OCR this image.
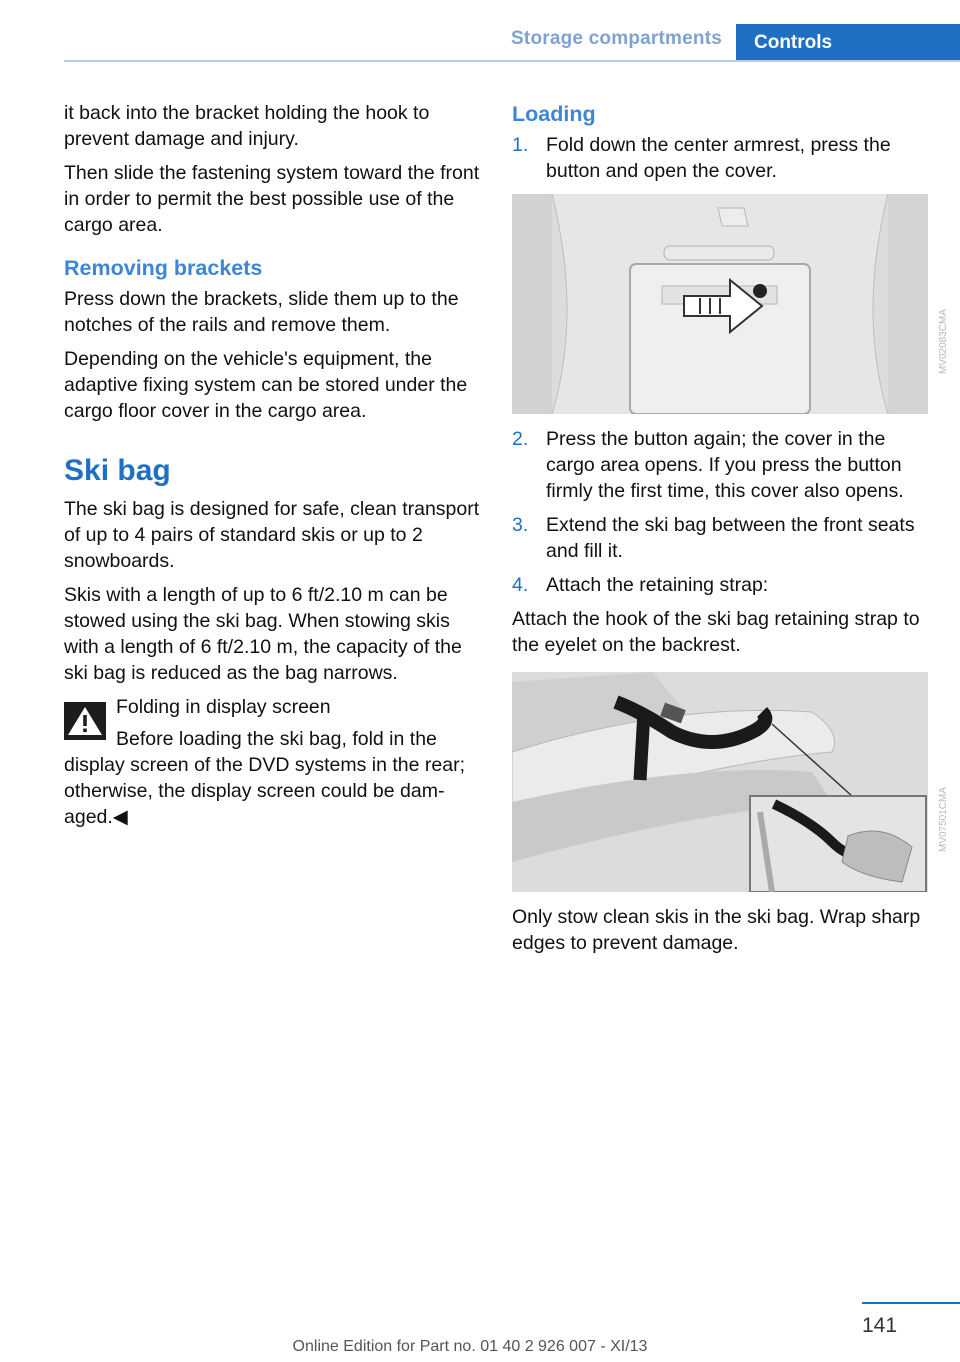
Storage compartments	Controls

it back into the bracket holding the hook to prevent damage and injury.

Then slide the fastening system toward the front in order to permit the best possible use of the cargo area.

Removing brackets

Press down the brackets, slide them up to the notches of the rails and remove them.

Depending on the vehicle's equipment, the adaptive fixing system can be stored under the cargo floor cover in the cargo area.

Ski bag

The ski bag is designed for safe, clean transport of up to 4 pairs of standard skis or up to 2 snowboards.

Skis with a length of up to 6 ft/2.10 m can be stowed using the ski bag. When stowing skis with a length of 6 ft/2.10 m, the capacity of the ski bag is reduced as the bag narrows.

Folding in display screen

Before loading the ski bag, fold in the display screen of the DVD systems in the rear; otherwise, the display screen could be damaged.◀

Loading
1. Fold down the center armrest, press the button and open the cover.
MV02083CMA
2. Press the button again; the cover in the cargo area opens. If you press the button firmly the first time, this cover also opens.
3. Extend the ski bag between the front seats and fill it.
4. Attach the retaining strap:

Attach the hook of the ski bag retaining strap to the eyelet on the backrest.

MV07501CMA

Only stow clean skis in the ski bag. Wrap sharp edges to prevent damage.

141
Online Edition for Part no. 01 40 2 926 007 - XI/13
